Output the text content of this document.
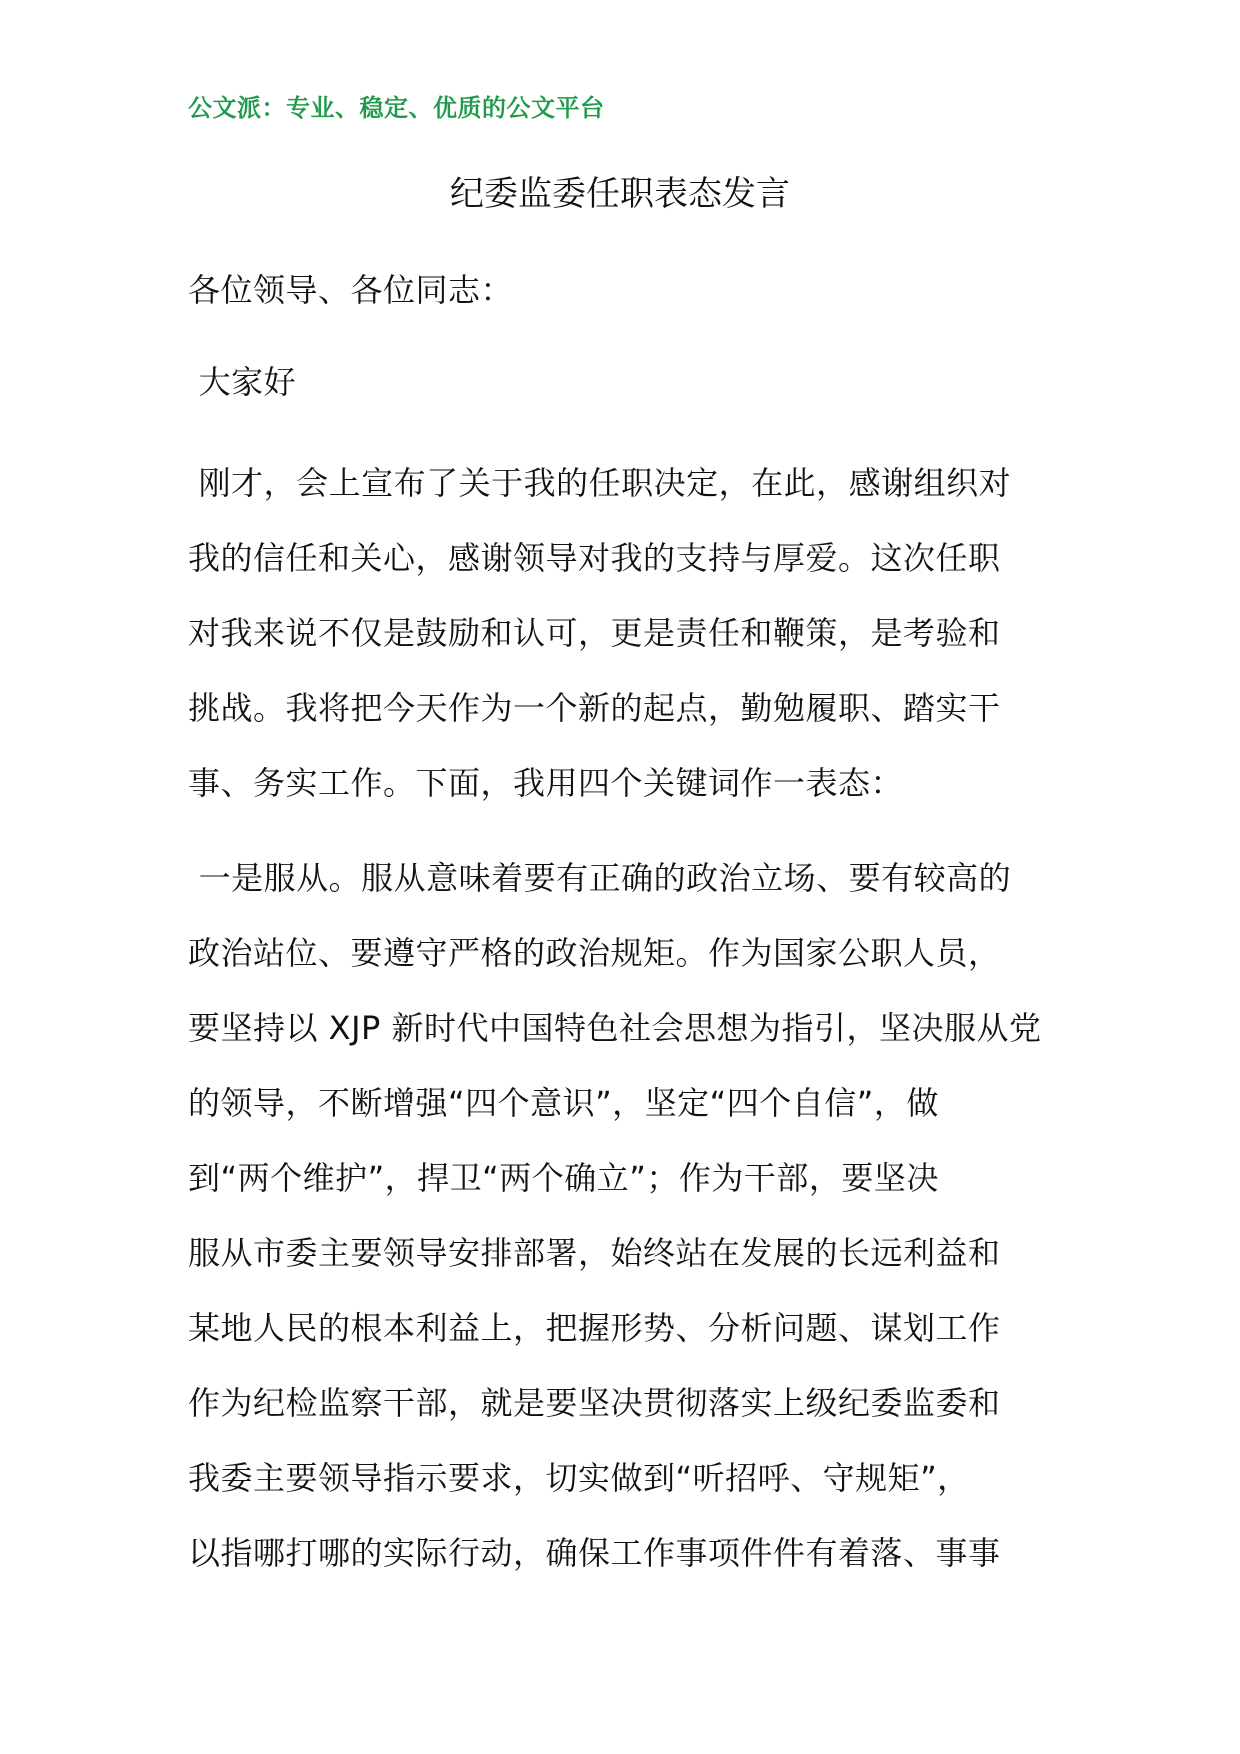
公文派：专业、稳定、优质的公文平台
纪委监委任职表态发言
各位领导、各位同志：
大家好
刚才，会上宣布了关于我的任职决定，在此，感谢组织对
我的信任和关心，感谢领导对我的支持与厚爱。这次任职
对我来说不仅是鼓励和认可，更是责任和鞭策，是考验和
挑战。我将把今天作为一个新的起点，勤勉履职、踏实干
事、务实工作。下面，我用四个关键词作一表态：
一是服从。服从意味着要有正确的政治立场、要有较高的
政治站位、要遵守严格的政治规矩。作为国家公职人员，
要坚持以 XJP 新时代中国特色社会思想为指引，坚决服从党
的领导，不断增强“四个意识”，坚定“四个自信”，做
到“两个维护”，捍卫“两个确立”；作为干部，要坚决
服从市委主要领导安排部署，始终站在发展的长远利益和
某地人民的根本利益上，把握形势、分析问题、谋划工作
作为纪检监察干部，就是要坚决贯彻落实上级纪委监委和
我委主要领导指示要求，切实做到“听招呼、守规矩”，
以指哪打哪的实际行动，确保工作事项件件有着落、事事
